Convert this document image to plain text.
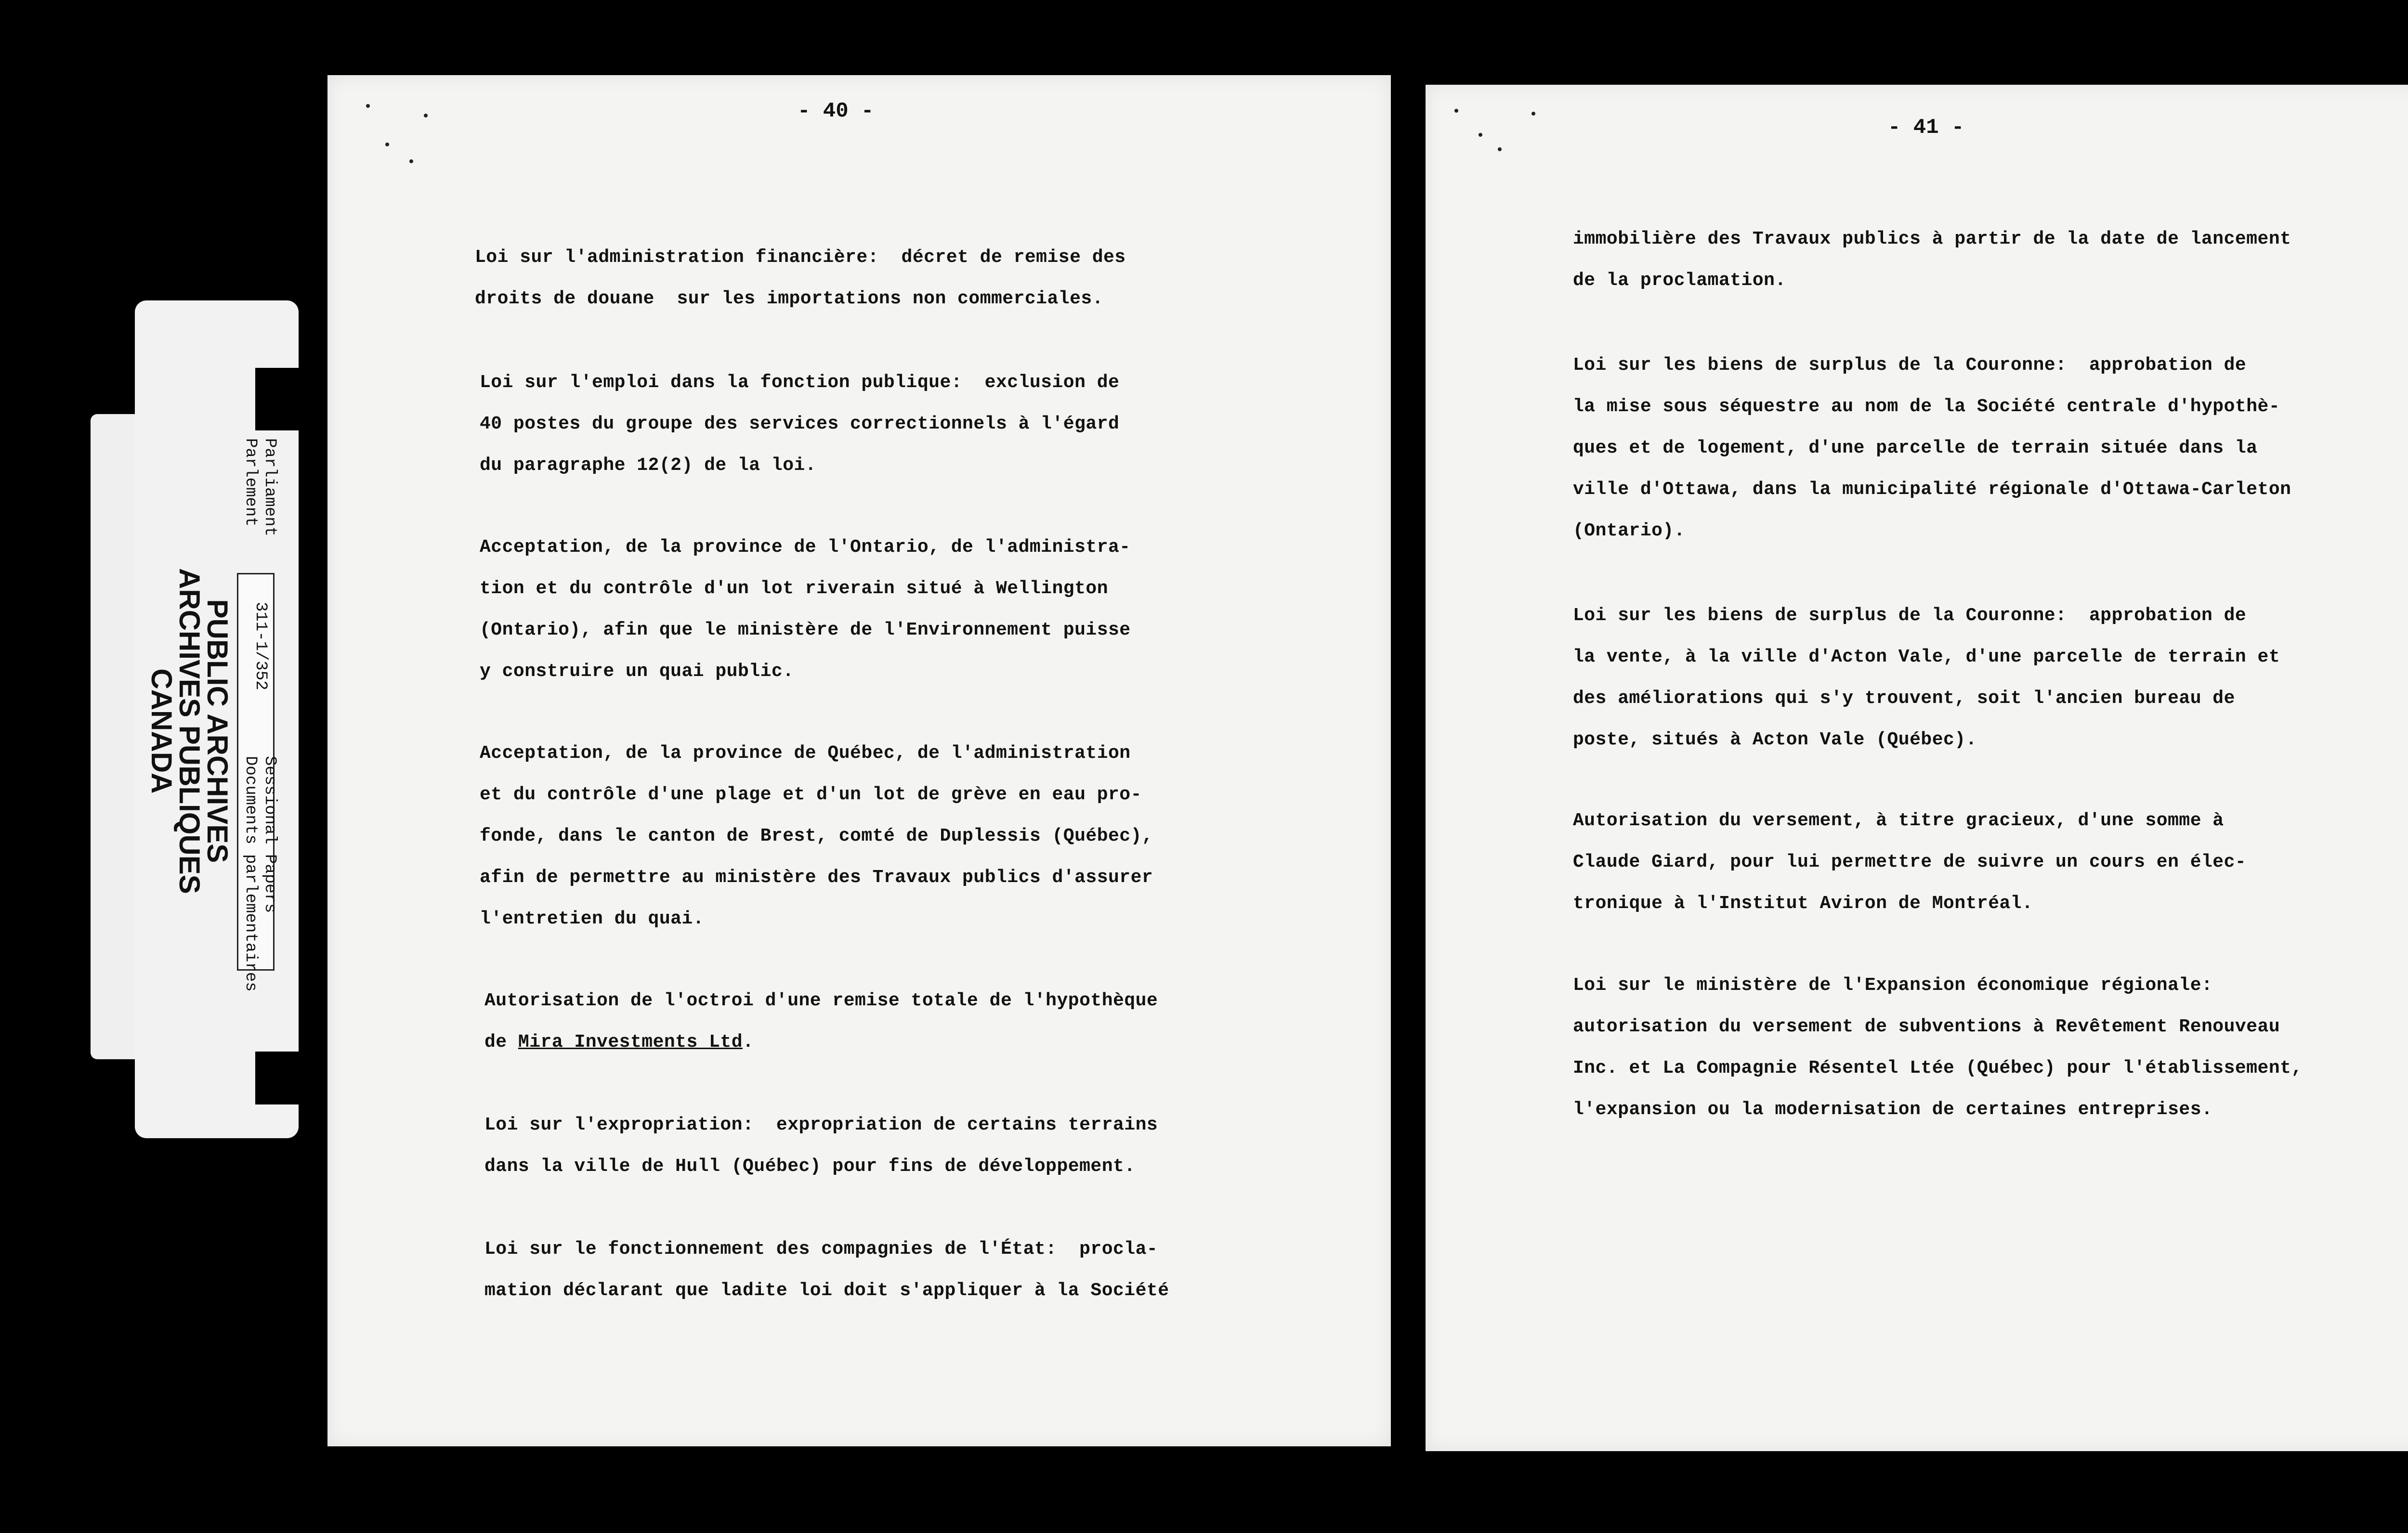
Parliament
Parlement
311-1/352
Sessional Papers
Documents parlementaires
PUBLIC ARCHIVES
ARCHIVES PUBLIQUES
CANADA
- 40 -
Loi sur l'administration financière:  décret de remise des
droits de douane  sur les importations non commerciales.
Loi sur l'emploi dans la fonction publique:  exclusion de
40 postes du groupe des services correctionnels à l'égard
du paragraphe 12(2) de la loi.
Acceptation, de la province de l'Ontario, de l'administra-
tion et du contrôle d'un lot riverain situé à Wellington
(Ontario), afin que le ministère de l'Environnement puisse
y construire un quai public.
Acceptation, de la province de Québec, de l'administration
et du contrôle d'une plage et d'un lot de grève en eau pro-
fonde, dans le canton de Brest, comté de Duplessis (Québec),
afin de permettre au ministère des Travaux publics d'assurer
l'entretien du quai.
Autorisation de l'octroi d'une remise totale de l'hypothèque
de Mira Investments Ltd.
Loi sur l'expropriation:  expropriation de certains terrains
dans la ville de Hull (Québec) pour fins de développement.
Loi sur le fonctionnement des compagnies de l'État:  procla-
mation déclarant que ladite loi doit s'appliquer à la Société
- 41 -
immobilière des Travaux publics à partir de la date de lancement
de la proclamation.
Loi sur les biens de surplus de la Couronne:  approbation de
la mise sous séquestre au nom de la Société centrale d'hypothè-
ques et de logement, d'une parcelle de terrain située dans la
ville d'Ottawa, dans la municipalité régionale d'Ottawa-Carleton
(Ontario).
Loi sur les biens de surplus de la Couronne:  approbation de
la vente, à la ville d'Acton Vale, d'une parcelle de terrain et
des améliorations qui s'y trouvent, soit l'ancien bureau de
poste, situés à Acton Vale (Québec).
Autorisation du versement, à titre gracieux, d'une somme à
Claude Giard, pour lui permettre de suivre un cours en élec-
tronique à l'Institut Aviron de Montréal.
Loi sur le ministère de l'Expansion économique régionale:
autorisation du versement de subventions à Revêtement Renouveau
Inc. et La Compagnie Résentel Ltée (Québec) pour l'établissement,
l'expansion ou la modernisation de certaines entreprises.
